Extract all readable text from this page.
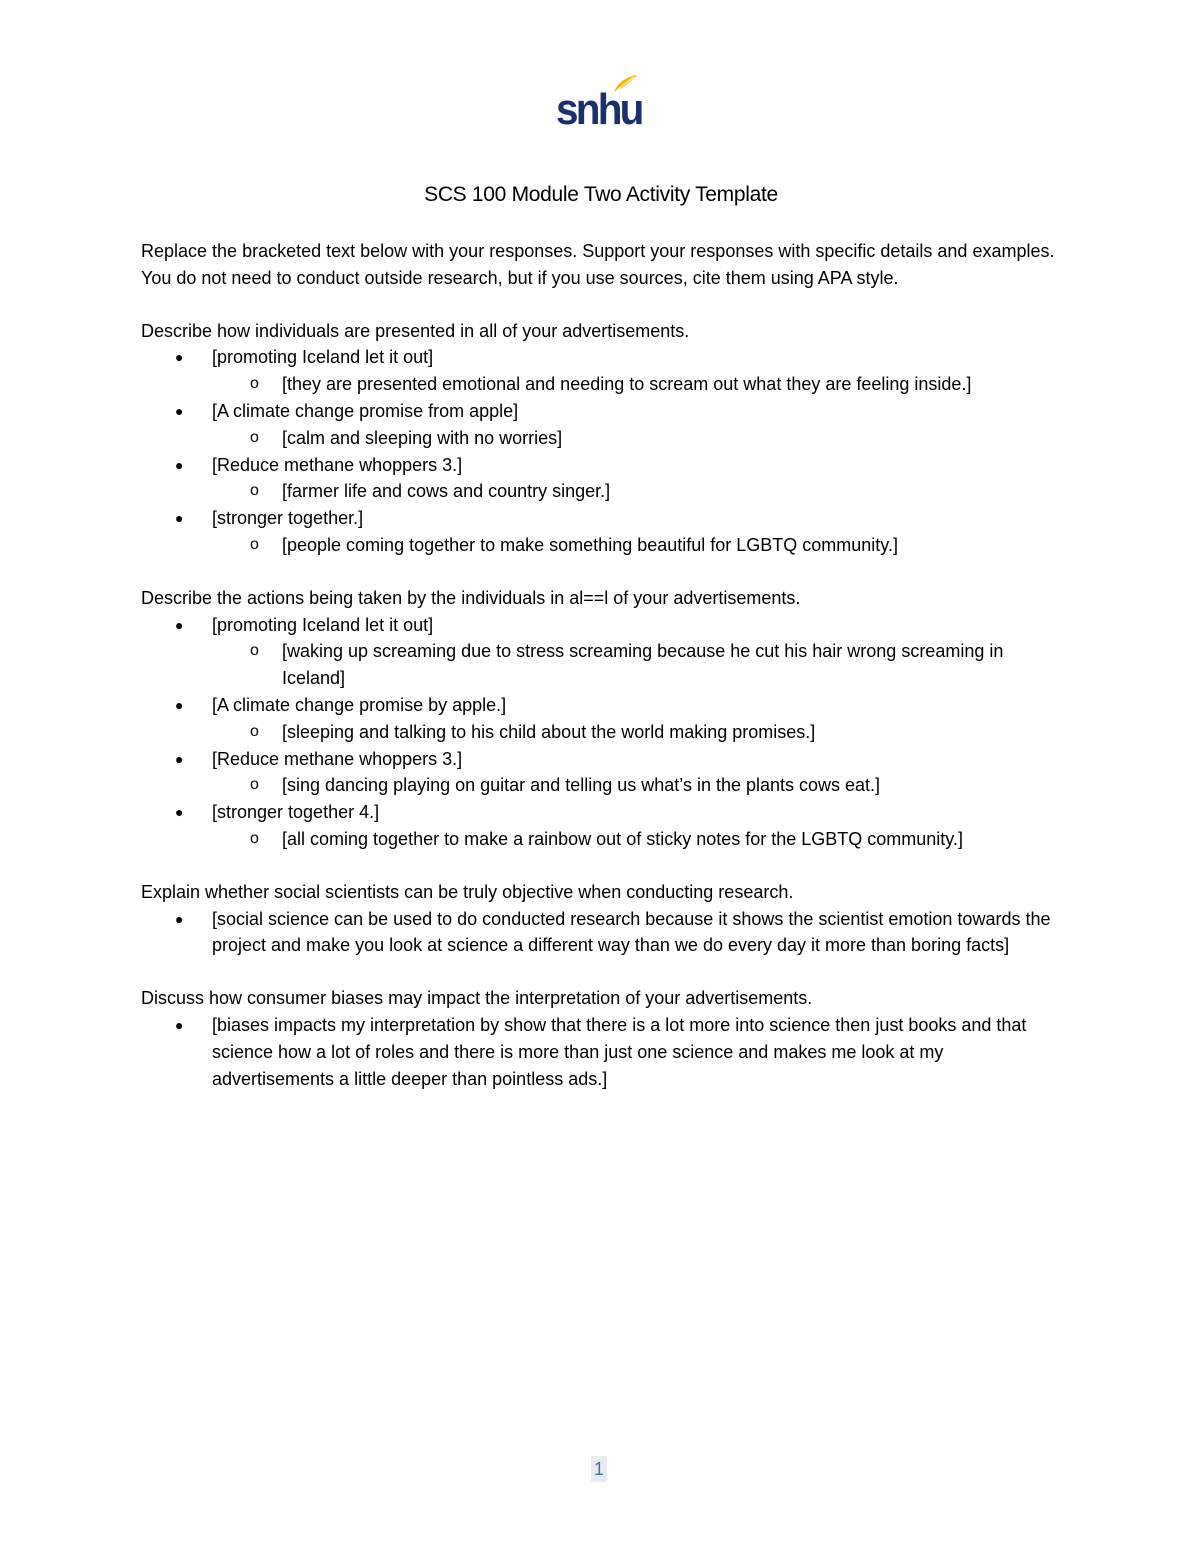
snhu
SCS 100 Module Two Activity Template

Replace the bracketed text below with your responses. Support your responses with specific details and examples. You do not need to conduct outside research, but if you use sources, cite them using APA style.

Describe how individuals are presented in all of your advertisements.

● [promoting Iceland let it out]
o [they are presented emotional and needing to scream out what they are feeling inside.]
● [A climate change promise from apple]
o [calm and sleeping with no worries]
● [Reduce methane whoppers 3.]
o [farmer life and cows and country singer.]
● [stronger together.]
o [people coming together to make something beautiful for LGBTQ community.]

Describe the actions being taken by the individuals in al==l of your advertisements.

● [promoting Iceland let it out]
o [waking up screaming due to stress screaming because he cut his hair wrong screaming in Iceland]
● [A climate change promise by apple.]
o [sleeping and talking to his child about the world making promises.]
● [Reduce methane whoppers 3.]
o [sing dancing playing on guitar and telling us what’s in the plants cows eat.]
● [stronger together 4.]
o [all coming together to make a rainbow out of sticky notes for the LGBTQ community.]

Explain whether social scientists can be truly objective when conducting research.

● [social science can be used to do conducted research because it shows the scientist emotion towards the project and make you look at science a different way than we do every day it more than boring facts]

Discuss how consumer biases may impact the interpretation of your advertisements.

● [biases impacts my interpretation by show that there is a lot more into science then just books and that science how a lot of roles and there is more than just one science and makes me look at my advertisements a little deeper than pointless ads.]
1
